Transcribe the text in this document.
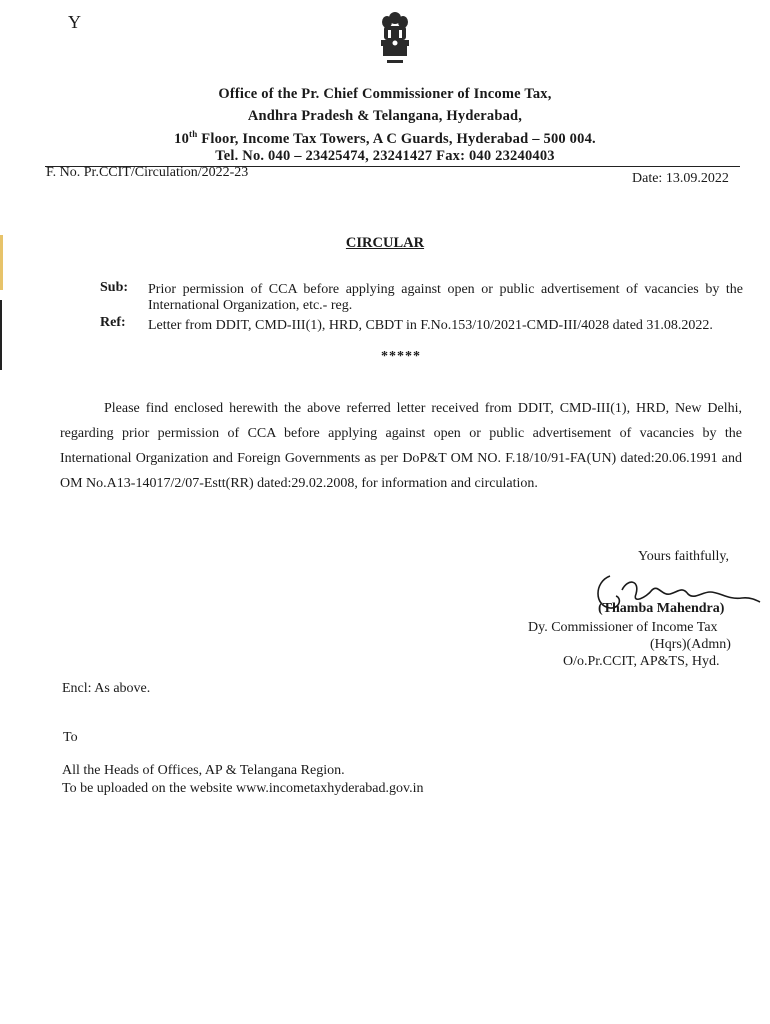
Y
Office of the Pr. Chief Commissioner of Income Tax,
Andhra Pradesh & Telangana, Hyderabad,
10th Floor, Income Tax Towers, A C Guards, Hyderabad – 500 004.
Tel. No. 040 – 23425474, 23241427 Fax: 040 23240403
F. No. Pr.CCIT/Circulation/2022-23	Date: 13.09.2022
CIRCULAR
Sub: Prior permission of CCA before applying against open or public advertisement of vacancies by the International Organization, etc.- reg.
Ref: Letter from DDIT, CMD-III(1), HRD, CBDT in F.No.153/10/2021-CMD-III/4028 dated 31.08.2022.
*****
Please find enclosed herewith the above referred letter received from DDIT, CMD-III(1), HRD, New Delhi, regarding prior permission of CCA before applying against open or public advertisement of vacancies by the International Organization and Foreign Governments as per DoP&T OM NO. F.18/10/91-FA(UN) dated:20.06.1991 and OM No.A13-14017/2/07-Estt(RR) dated:29.02.2008, for information and circulation.
Yours faithfully,
(Thamba Mahendra)
Dy. Commissioner of Income Tax
(Hqrs)(Admn)
O/o.Pr.CCIT, AP&TS, Hyd.
Encl: As above.
To
All the Heads of Offices, AP & Telangana Region.
To be uploaded on the website www.incometaxhyderabad.gov.in
